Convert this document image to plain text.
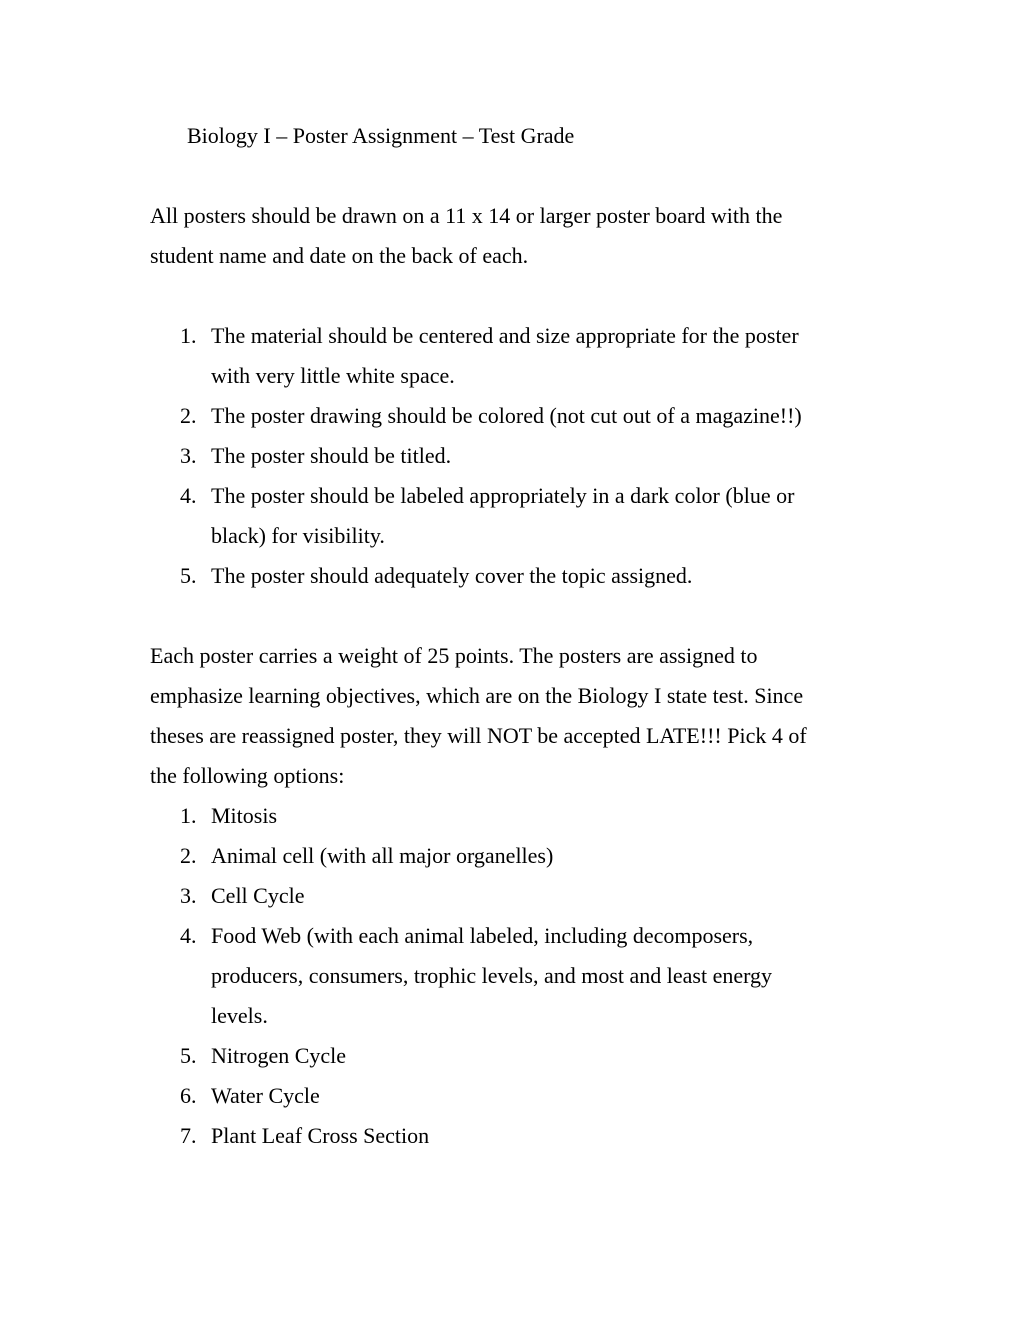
Biology I – Poster Assignment – Test Grade
All posters should be drawn on a 11 x 14 or larger poster board with the
student name and date on the back of each.
1. The material should be centered and size appropriate for the poster
with very little white space.
2. The poster drawing should be colored (not cut out of a magazine!!)
3. The poster should be titled.
4. The poster should be labeled appropriately in a dark color (blue or
black) for visibility.
5. The poster should adequately cover the topic assigned.
Each poster carries a weight of 25 points. The posters are assigned to
emphasize learning objectives, which are on the Biology I state test. Since
theses are reassigned poster, they will NOT be accepted LATE!!! Pick 4 of
the following options:
1. Mitosis
2. Animal cell (with all major organelles)
3. Cell Cycle
4. Food Web (with each animal labeled, including decomposers,
producers, consumers, trophic levels, and most and least energy
levels.
5. Nitrogen Cycle
6. Water Cycle
7. Plant Leaf Cross Section
